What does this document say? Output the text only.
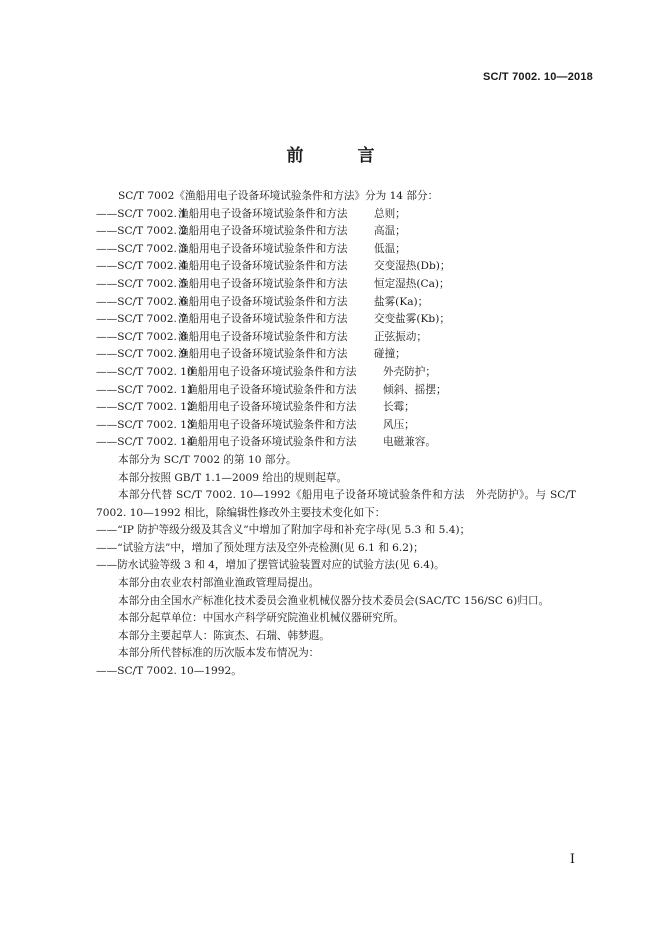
SC/T 7002. 10—2018
前 言
SC/T 7002《渔船用电子设备环境试验条件和方法》分为 14 部分：
——SC/T 7002. 1渔船用电子设备环境试验条件和方法	总则；
——SC/T 7002. 2渔船用电子设备环境试验条件和方法	高温；
——SC/T 7002. 3渔船用电子设备环境试验条件和方法	低温；
——SC/T 7002. 4渔船用电子设备环境试验条件和方法	交变湿热(Db)；
——SC/T 7002. 5渔船用电子设备环境试验条件和方法	恒定湿热(Ca)；
——SC/T 7002. 6渔船用电子设备环境试验条件和方法	盐雾(Ka)；
——SC/T 7002. 7渔船用电子设备环境试验条件和方法	交变盐雾(Kb)；
——SC/T 7002. 8渔船用电子设备环境试验条件和方法	正弦振动；
——SC/T 7002. 9渔船用电子设备环境试验条件和方法	碰撞；
——SC/T 7002. 10渔船用电子设备环境试验条件和方法	外壳防护；
——SC/T 7002. 11渔船用电子设备环境试验条件和方法	倾斜、摇摆；
——SC/T 7002. 12渔船用电子设备环境试验条件和方法	长霉；
——SC/T 7002. 13渔船用电子设备环境试验条件和方法	风压；
——SC/T 7002. 14渔船用电子设备环境试验条件和方法	电磁兼容。
本部分为 SC/T 7002 的第 10 部分。
本部分按照 GB/T 1.1—2009 给出的规则起草。
本部分代替 SC/T 7002. 10—1992《船用电子设备环境试验条件和方法　外壳防护》。与 SC/T 7002. 10—1992 相比，除编辑性修改外主要技术变化如下：
——“IP 防护等级分级及其含义”中增加了附加字母和补充字母(见 5.3 和 5.4)；
——“试验方法”中，增加了预处理方法及空外壳检测(见 6.1 和 6.2)；
——防水试验等级 3 和 4，增加了摆管试验装置对应的试验方法(见 6.4)。
本部分由农业农村部渔业渔政管理局提出。
本部分由全国水产标准化技术委员会渔业机械仪器分技术委员会(SAC/TC 156/SC 6)归口。
本部分起草单位：中国水产科学研究院渔业机械仪器研究所。
本部分主要起草人：陈寅杰、石瑞、韩梦遐。
本部分所代替标准的历次版本发布情况为：
——SC/T 7002. 10—1992。
I
